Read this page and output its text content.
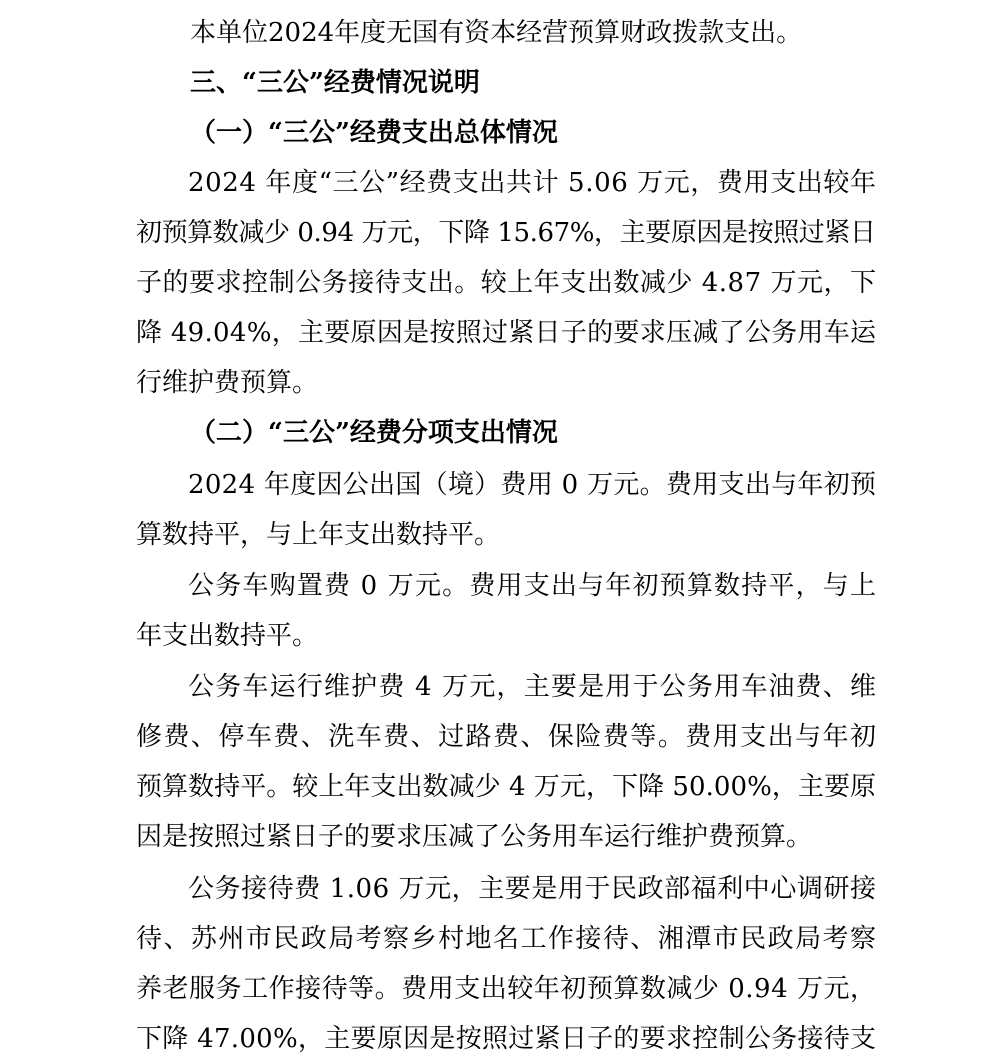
本单位2024年度无国有资本经营预算财政拨款支出。
三、“三公”经费情况说明
（一）“三公”经费支出总体情况
2024 年度“三公”经费支出共计 5.06 万元，费用支出较年
初预算数减少 0.94 万元，下降 15.67%，主要原因是按照过紧日
子的要求控制公务接待支出。较上年支出数减少 4.87 万元，下
降 49.04%，主要原因是按照过紧日子的要求压减了公务用车运
行维护费预算。
（二）“三公”经费分项支出情况
2024 年度因公出国（境）费用 0 万元。费用支出与年初预
算数持平，与上年支出数持平。
公务车购置费 0 万元。费用支出与年初预算数持平，与上
年支出数持平。
公务车运行维护费 4 万元，主要是用于公务用车油费、维
修费、停车费、洗车费、过路费、保险费等。费用支出与年初
预算数持平。较上年支出数减少 4 万元，下降 50.00%，主要原
因是按照过紧日子的要求压减了公务用车运行维护费预算。
公务接待费 1.06 万元，主要是用于民政部福利中心调研接
待、苏州市民政局考察乡村地名工作接待、湘潭市民政局考察
养老服务工作接待等。费用支出较年初预算数减少 0.94 万元，
下降 47.00%，主要原因是按照过紧日子的要求控制公务接待支
